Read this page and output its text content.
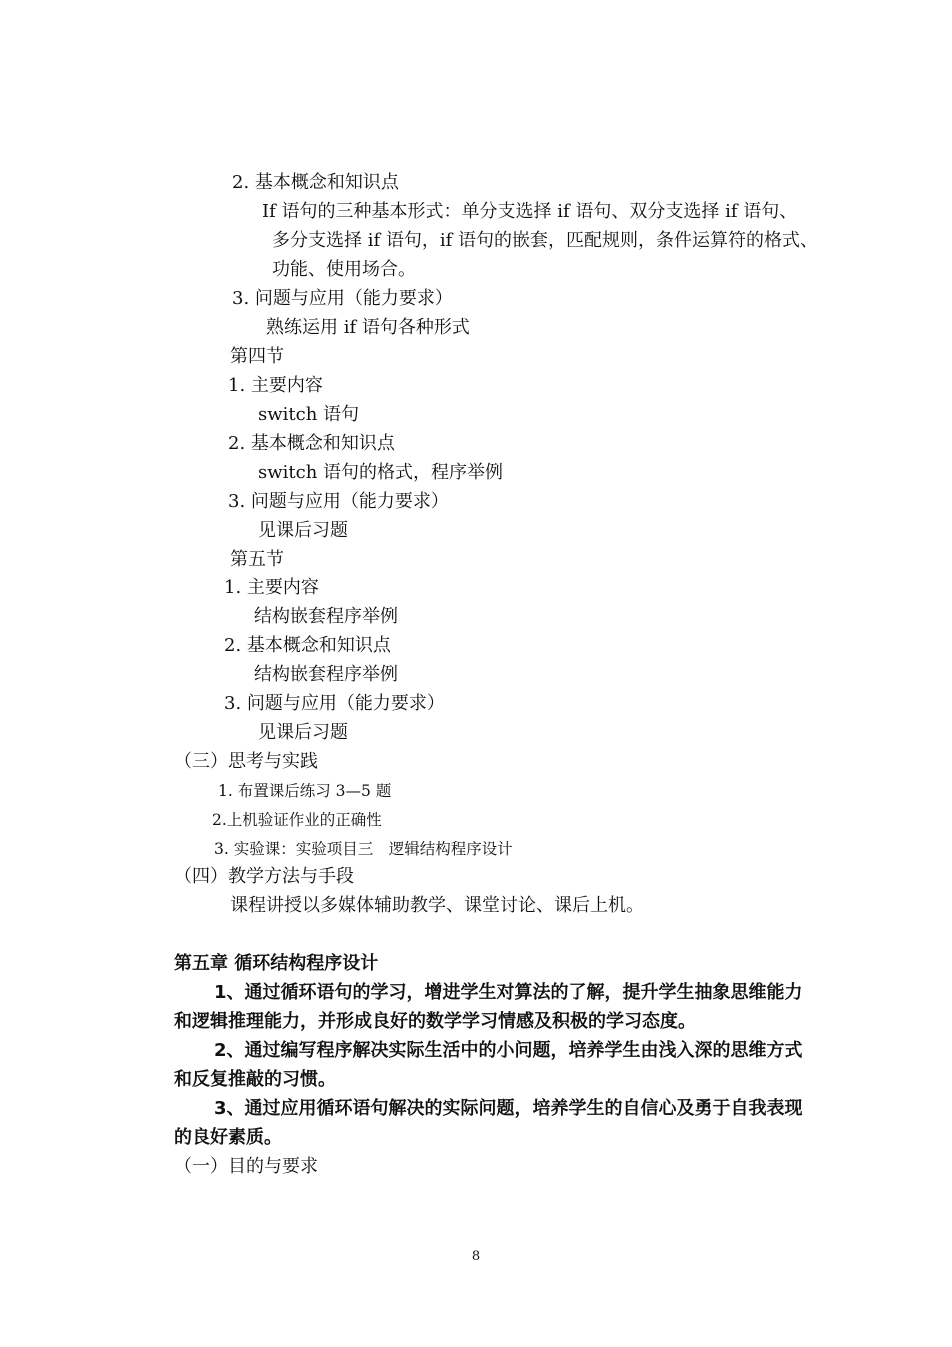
2. 基本概念和知识点
If 语句的三种基本形式：单分支选择 if 语句、双分支选择 if 语句、
多分支选择 if 语句，if 语句的嵌套，匹配规则，条件运算符的格式、
功能、使用场合。
3. 问题与应用（能力要求）
熟练运用 if 语句各种形式
第四节
1. 主要内容
switch 语句
2. 基本概念和知识点
switch 语句的格式，程序举例
3. 问题与应用（能力要求）
见课后习题
第五节
1. 主要内容
结构嵌套程序举例
2. 基本概念和知识点
结构嵌套程序举例
3. 问题与应用（能力要求）
见课后习题
（三）思考与实践
1. 布置课后练习 3—5 题
2.上机验证作业的正确性
3. 实验课：实验项目三　逻辑结构程序设计
（四）教学方法与手段
课程讲授以多媒体辅助教学、课堂讨论、课后上机。
第五章 循环结构程序设计
1、通过循环语句的学习，增进学生对算法的了解，提升学生抽象思维能力
和逻辑推理能力，并形成良好的数学学习情感及积极的学习态度。
2、通过编写程序解决实际生活中的小问题，培养学生由浅入深的思维方式
和反复推敲的习惯。
3、通过应用循环语句解决的实际问题，培养学生的自信心及勇于自我表现
的良好素质。
（一）目的与要求
8
